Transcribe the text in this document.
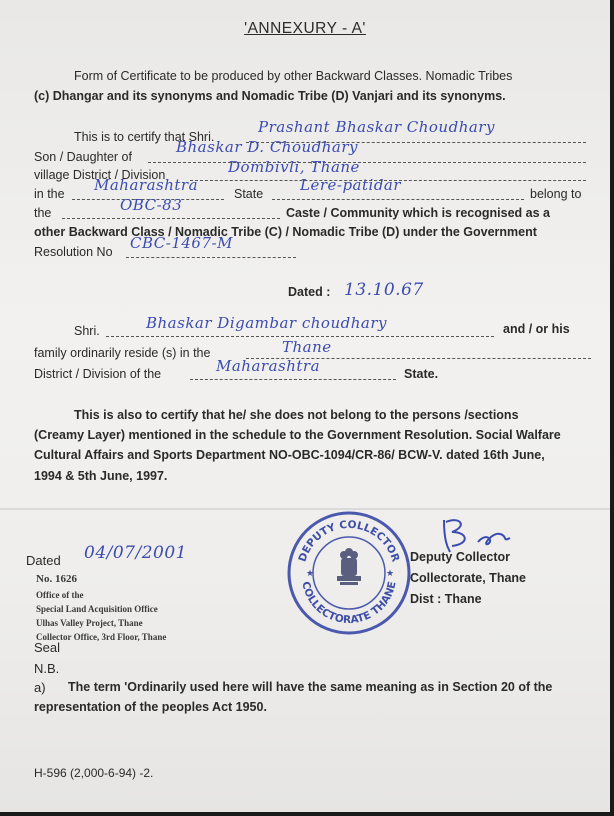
'ANNEXURY - A'
Form of Certificate to be produced by other Backward Classes. Nomadic Tribes
(c) Dhangar and its synonyms and Nomadic Tribe (D) Vanjari and its synonyms.
This is to certify that Shri.
Prashant Bhaskar Choudhary
Son / Daughter of
Bhaskar D. Choudhary
village District / Division	Dombivli, Thane
in the Maharashtra	State Lere-patidar	belong to
the	OBC-83	Caste / Community which is recognised as a
other Backward Class / Nomadic Tribe (C) / Nomadic Tribe (D) under the Government
Resolution No CBC-1467-M
Dated : 13.10.67
Shri.	Bhaskar Digambar choudhary	and / or his
family ordinarily reside (s) in the	Thane
District / Division of the	Maharashtra	State.
This is also to certify that he/ she does not belong to the persons /sections
(Creamy Layer) mentioned in the schedule to the Government Resolution. Social Walfare
Cultural Affairs and Sports Department NO-OBC-1094/CR-86/ BCW-V. dated 16th June,
1994 & 5th June, 1997.
Dated 04/07/2001
No. 1626
Office of the
Special Land Acquisition Office
Ulhas Valley Project, Thane
Collector Office, 3rd Floor, Thane
Seal
DEPUTY COLLECTOR
COLLECTORATE THANE
★	★
Deputy Collector
Collectorate, Thane
Dist : Thane
N.B.
a) The term 'Ordinarily used here will have the same meaning as in Section 20 of the
representation of the peoples Act 1950.
H-596 (2,000-6-94) -2.
